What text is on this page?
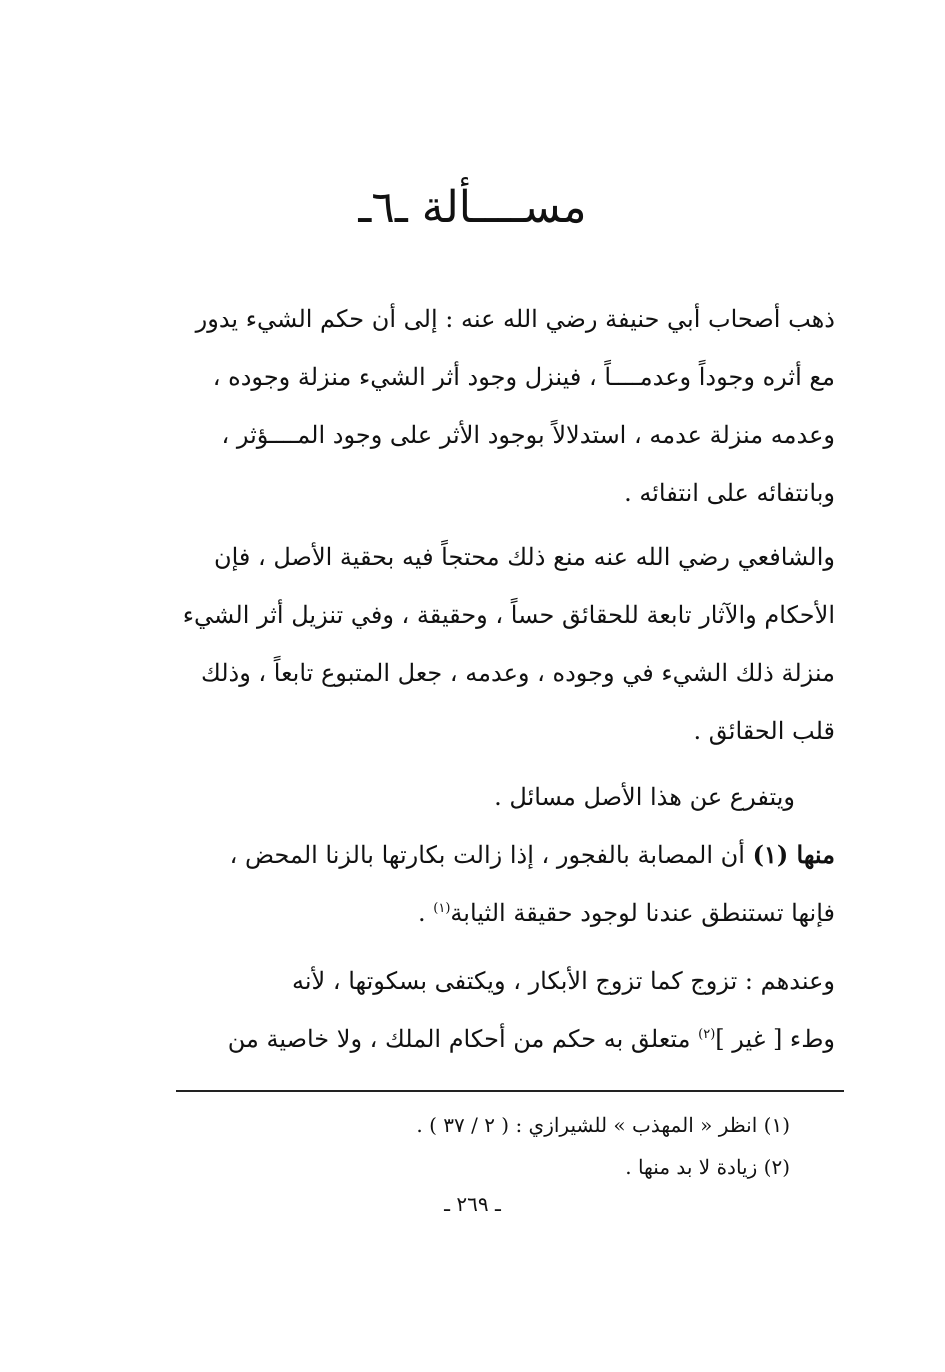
مســــألة ـ٦ـ
ذهب أصحاب أبي حنيفة رضي الله عنه : إلى أن حكم الشيء يدور
مع أثره وجوداً وعدمــــاً ، فينزل وجود أثر الشيء منزلة وجوده ،
وعدمه منزلة عدمه ، استدلالاً بوجود الأثر على وجود المــــؤثر ،
وبانتفائه على انتفائه .
والشافعي رضي الله عنه منع ذلك محتجاً فيه بحقية الأصل ، فإن
الأحكام والآثار تابعة للحقائق حساً ، وحقيقة ، وفي تنزيل أثر الشيء
منزلة ذلك الشيء في وجوده ، وعدمه ، جعل المتبوع تابعاً ، وذلك
قلب الحقائق .
ويتفرع عن هذا الأصل مسائل .
منها (١) أن المصابة بالفجور ، إذا زالت بكارتها بالزنا المحض ،
فإنها تستنطق عندنا لوجود حقيقة الثيابة$^{(١)}$ .
وعندهم : تزوج كما تزوج الأبكار ، ويكتفى بسكوتها ، لأنه
وطء [ غير ]$^{(٢)}$ متعلق به حكم من أحكام الملك ، ولا خاصية من
(١) انظر « المهذب » للشيرازي : ( ٢ / ٣٧ ) .
(٢) زيادة لا بد منها .
ـ ٢٦٩ ـ
